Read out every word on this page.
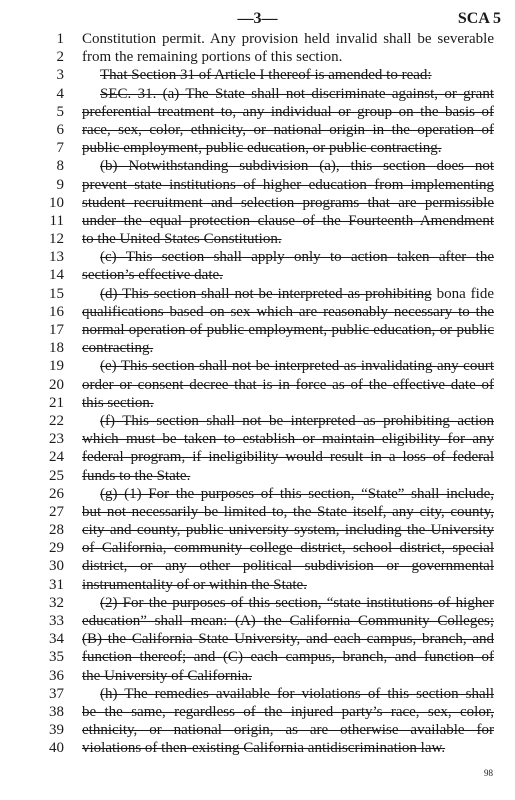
—3—	SCA 5
1 Constitution permit. Any provision held invalid shall be severable
2 from the remaining portions of this section.
3 That Section 31 of Article I thereof is amended to read:
4 SEC. 31. (a) The State shall not discriminate against, or grant
5 preferential treatment to, any individual or group on the basis of
6 race, sex, color, ethnicity, or national origin in the operation of
7 public employment, public education, or public contracting.
8 (b) Notwithstanding subdivision (a), this section does not
9 prevent state institutions of higher education from implementing
10 student recruitment and selection programs that are permissible
11 under the equal protection clause of the Fourteenth Amendment
12 to the United States Constitution.
13 (c) This section shall apply only to action taken after the
14 section’s effective date.
15 (d) This section shall not be interpreted as prohibiting bona fide
16 qualifications based on sex which are reasonably necessary to the
17 normal operation of public employment, public education, or public
18 contracting.
19 (e) This section shall not be interpreted as invalidating any court
20 order or consent decree that is in force as of the effective date of
21 this section.
22 (f) This section shall not be interpreted as prohibiting action
23 which must be taken to establish or maintain eligibility for any
24 federal program, if ineligibility would result in a loss of federal
25 funds to the State.
26 (g) (1) For the purposes of this section, “State” shall include,
27 but not necessarily be limited to, the State itself, any city, county,
28 city and county, public university system, including the University
29 of California, community college district, school district, special
30 district, or any other political subdivision or governmental
31 instrumentality of or within the State.
32 (2) For the purposes of this section, “state institutions of higher
33 education” shall mean: (A) the California Community Colleges;
34 (B) the California State University, and each campus, branch, and
35 function thereof; and (C) each campus, branch, and function of
36 the University of California.
37 (h) The remedies available for violations of this section shall
38 be the same, regardless of the injured party’s race, sex, color,
39 ethnicity, or national origin, as are otherwise available for
40 violations of then-existing California antidiscrimination law.
98
